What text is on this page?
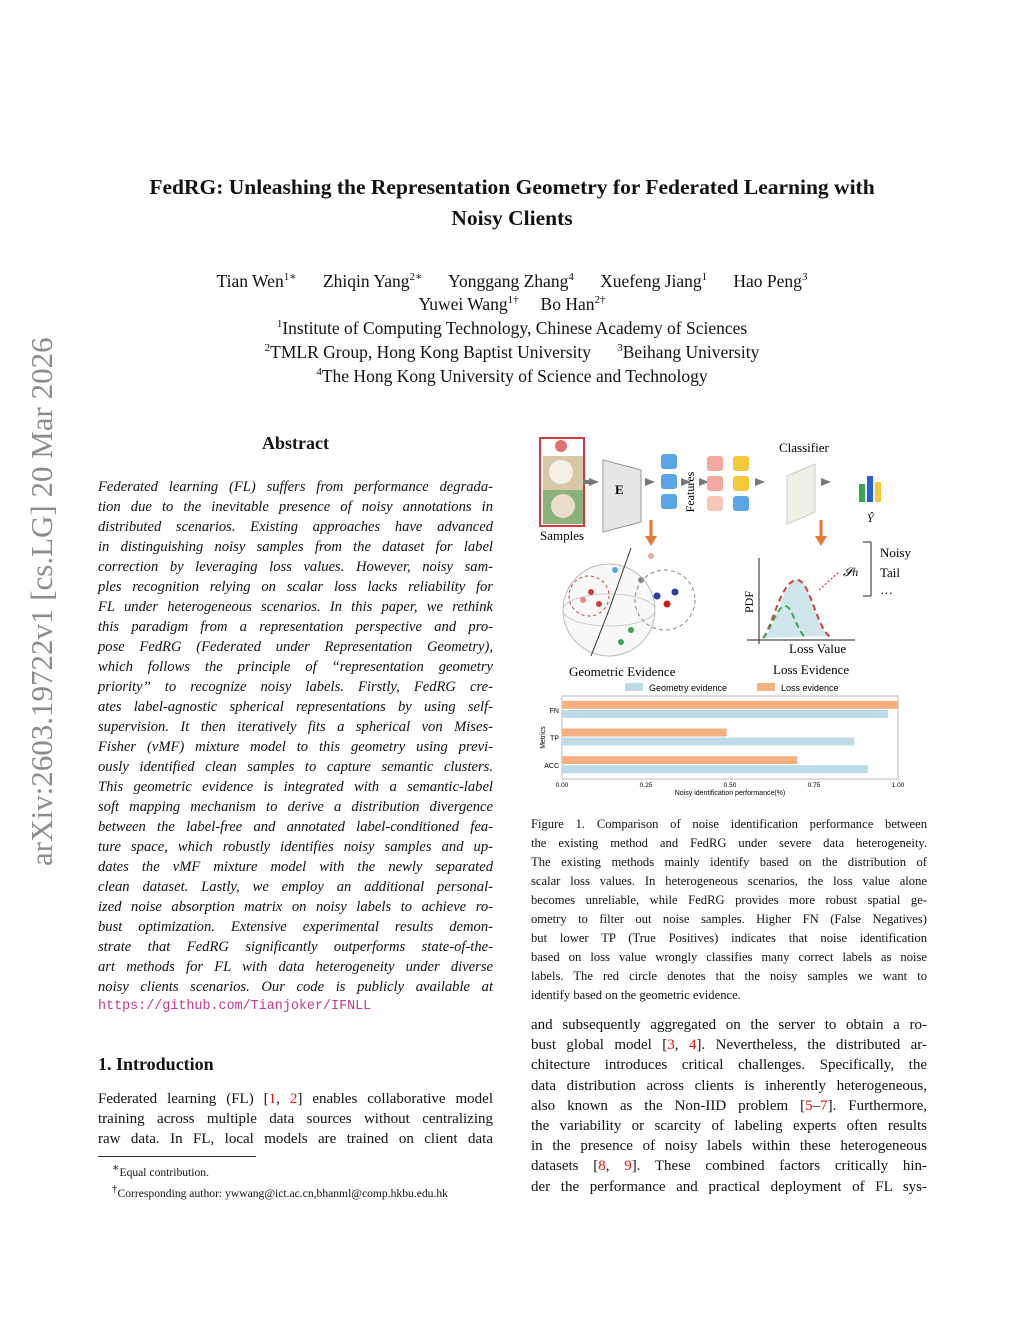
arXiv:2603.19722v1 [cs.LG] 20 Mar 2026
FedRG: Unleashing the Representation Geometry for Federated Learning with
Noisy Clients
Tian Wen$^{1∗}$ Zhiqin Yang$^{2∗}$ Yonggang Zhang$^4$ Xuefeng Jiang$^1$ Hao Peng$^3$
Yuwei Wang$^{1\dagger}$ Bo Han$^{2\dagger}$
$^1$Institute of Computing Technology, Chinese Academy of Sciences
$^2$TMLR Group, Hong Kong Baptist University $^3$Beihang University
$^4$The Hong Kong University of Science and Technology
Abstract
Federated learning (FL) suffers from performance degrada-
tion due to the inevitable presence of noisy annotations in
distributed scenarios. Existing approaches have advanced
in distinguishing noisy samples from the dataset for label
correction by leveraging loss values. However, noisy sam-
ples recognition relying on scalar loss lacks reliability for
FL under heterogeneous scenarios. In this paper, we rethink
this paradigm from a representation perspective and pro-
pose FedRG (Federated under Representation Geometry),
which follows the principle of “representation geometry
priority” to recognize noisy labels. Firstly, FedRG cre-
ates label-agnostic spherical representations by using self-
supervision. It then iteratively fits a spherical von Mises-
Fisher (vMF) mixture model to this geometry using previ-
ously identified clean samples to capture semantic clusters.
This geometric evidence is integrated with a semantic-label
soft mapping mechanism to derive a distribution divergence
between the label-free and annotated label-conditioned fea-
ture space, which robustly identifies noisy samples and up-
dates the vMF mixture model with the newly separated
clean dataset. Lastly, we employ an additional personal-
ized noise absorption matrix on noisy labels to achieve ro-
bust optimization. Extensive experimental results demon-
strate that FedRG significantly outperforms state-of-the-
art methods for FL with data heterogeneity under diverse
noisy clients scenarios. Our code is publicly available at
https://github.com/Tianjoker/IFNLL
1. Introduction
Federated learning (FL) [1, 2] enables collaborative model
training across multiple data sources without centralizing
raw data. In FL, local models are trained on client data
∗Equal contribution.
†Corresponding author: ywwang@ict.ac.cn,bhanml@comp.hkbu.edu.hk
Samples
E	Features
Classifier
Ŷ
Geometric Evidence
PDF
𝓢n
Noisy
Tail
…
Loss Value
Loss Evidence
Geometry evidence	Loss evidence
FN
TP
ACC
0.00	0.25	0.50	0.75	1.00
Noisy identification performance(%)
Metrics
Figure 1. Comparison of noise identification performance between
the existing method and FedRG under severe data heterogeneity.
The existing methods mainly identify based on the distribution of
scalar loss values. In heterogeneous scenarios, the loss value alone
becomes unreliable, while FedRG provides more robust spatial ge-
ometry to filter out noise samples. Higher FN (False Negatives)
but lower TP (True Positives) indicates that noise identification
based on loss value wrongly classifies many correct labels as noise
labels. The red circle denotes that the noisy samples we want to
identify based on the geometric evidence.
and subsequently aggregated on the server to obtain a ro-
bust global model [3, 4]. Nevertheless, the distributed ar-
chitecture introduces critical challenges. Specifically, the
data distribution across clients is inherently heterogeneous,
also known as the Non-IID problem [5–7]. Furthermore,
the variability or scarcity of labeling experts often results
in the presence of noisy labels within these heterogeneous
datasets [8, 9]. These combined factors critically hin-
der the performance and practical deployment of FL sys-
